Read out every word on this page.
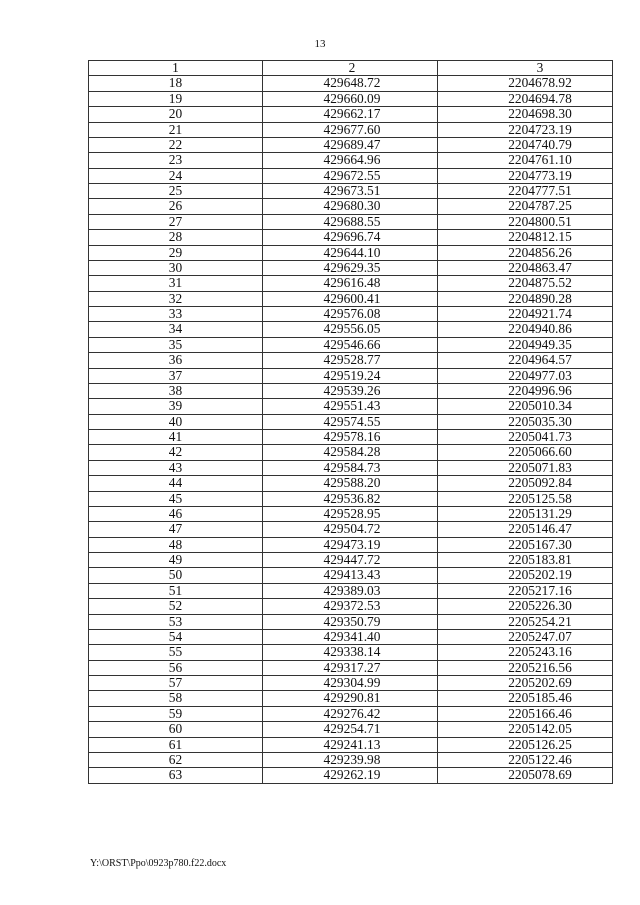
13
1	2	3
18	429648.72	2204678.92
19	429660.09	2204694.78
20	429662.17	2204698.30
21	429677.60	2204723.19
22	429689.47	2204740.79
23	429664.96	2204761.10
24	429672.55	2204773.19
25	429673.51	2204777.51
26	429680.30	2204787.25
27	429688.55	2204800.51
28	429696.74	2204812.15
29	429644.10	2204856.26
30	429629.35	2204863.47
31	429616.48	2204875.52
32	429600.41	2204890.28
33	429576.08	2204921.74
34	429556.05	2204940.86
35	429546.66	2204949.35
36	429528.77	2204964.57
37	429519.24	2204977.03
38	429539.26	2204996.96
39	429551.43	2205010.34
40	429574.55	2205035.30
41	429578.16	2205041.73
42	429584.28	2205066.60
43	429584.73	2205071.83
44	429588.20	2205092.84
45	429536.82	2205125.58
46	429528.95	2205131.29
47	429504.72	2205146.47
48	429473.19	2205167.30
49	429447.72	2205183.81
50	429413.43	2205202.19
51	429389.03	2205217.16
52	429372.53	2205226.30
53	429350.79	2205254.21
54	429341.40	2205247.07
55	429338.14	2205243.16
56	429317.27	2205216.56
57	429304.99	2205202.69
58	429290.81	2205185.46
59	429276.42	2205166.46
60	429254.71	2205142.05
61	429241.13	2205126.25
62	429239.98	2205122.46
63	429262.19	2205078.69
Y:\ORST\Ppo\0923p780.f22.docx
